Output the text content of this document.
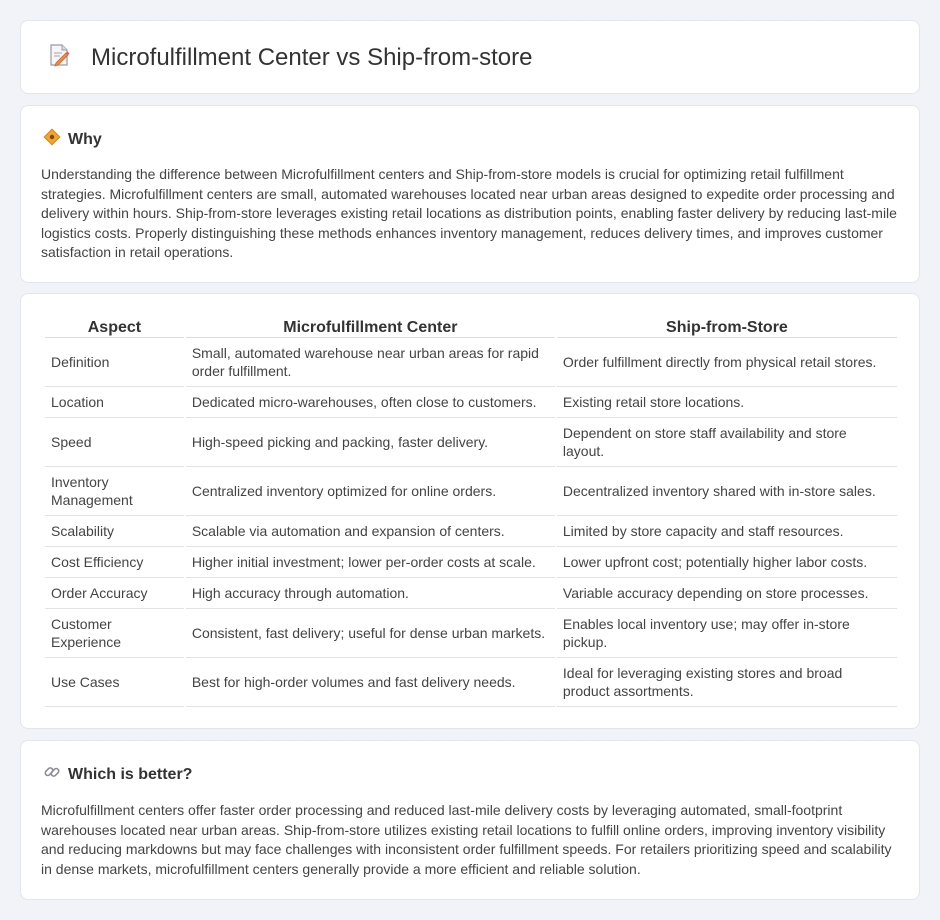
Microfulfillment Center vs Ship-from-store
Why

Understanding the difference between Microfulfillment centers and Ship-from-store models is crucial for optimizing retail fulfillment strategies. Microfulfillment centers are small, automated warehouses located near urban areas designed to expedite order processing and delivery within hours. Ship-from-store leverages existing retail locations as distribution points, enabling faster delivery by reducing last-mile logistics costs. Properly distinguishing these methods enhances inventory management, reduces delivery times, and improves customer satisfaction in retail operations.

Aspect	Microfulfillment Center	Ship-from-Store
Definition	Small, automated warehouse near urban areas for rapid order fulfillment.	Order fulfillment directly from physical retail stores.
Location	Dedicated micro-warehouses, often close to customers.	Existing retail store locations.
Speed	High-speed picking and packing, faster delivery.	Dependent on store staff availability and store layout.
Inventory Management	Centralized inventory optimized for online orders.	Decentralized inventory shared with in-store sales.
Scalability	Scalable via automation and expansion of centers.	Limited by store capacity and staff resources.
Cost Efficiency	Higher initial investment; lower per-order costs at scale.	Lower upfront cost; potentially higher labor costs.
Order Accuracy	High accuracy through automation.	Variable accuracy depending on store processes.
Customer Experience	Consistent, fast delivery; useful for dense urban markets.	Enables local inventory use; may offer in-store pickup.
Use Cases	Best for high-order volumes and fast delivery needs.	Ideal for leveraging existing stores and broad product assortments.
Which is better?

Microfulfillment centers offer faster order processing and reduced last-mile delivery costs by leveraging automated, small-footprint warehouses located near urban areas. Ship-from-store utilizes existing retail locations to fulfill online orders, improving inventory visibility and reducing markdowns but may face challenges with inconsistent order fulfillment speeds. For retailers prioritizing speed and scalability in dense markets, microfulfillment centers generally provide a more efficient and reliable solution.
